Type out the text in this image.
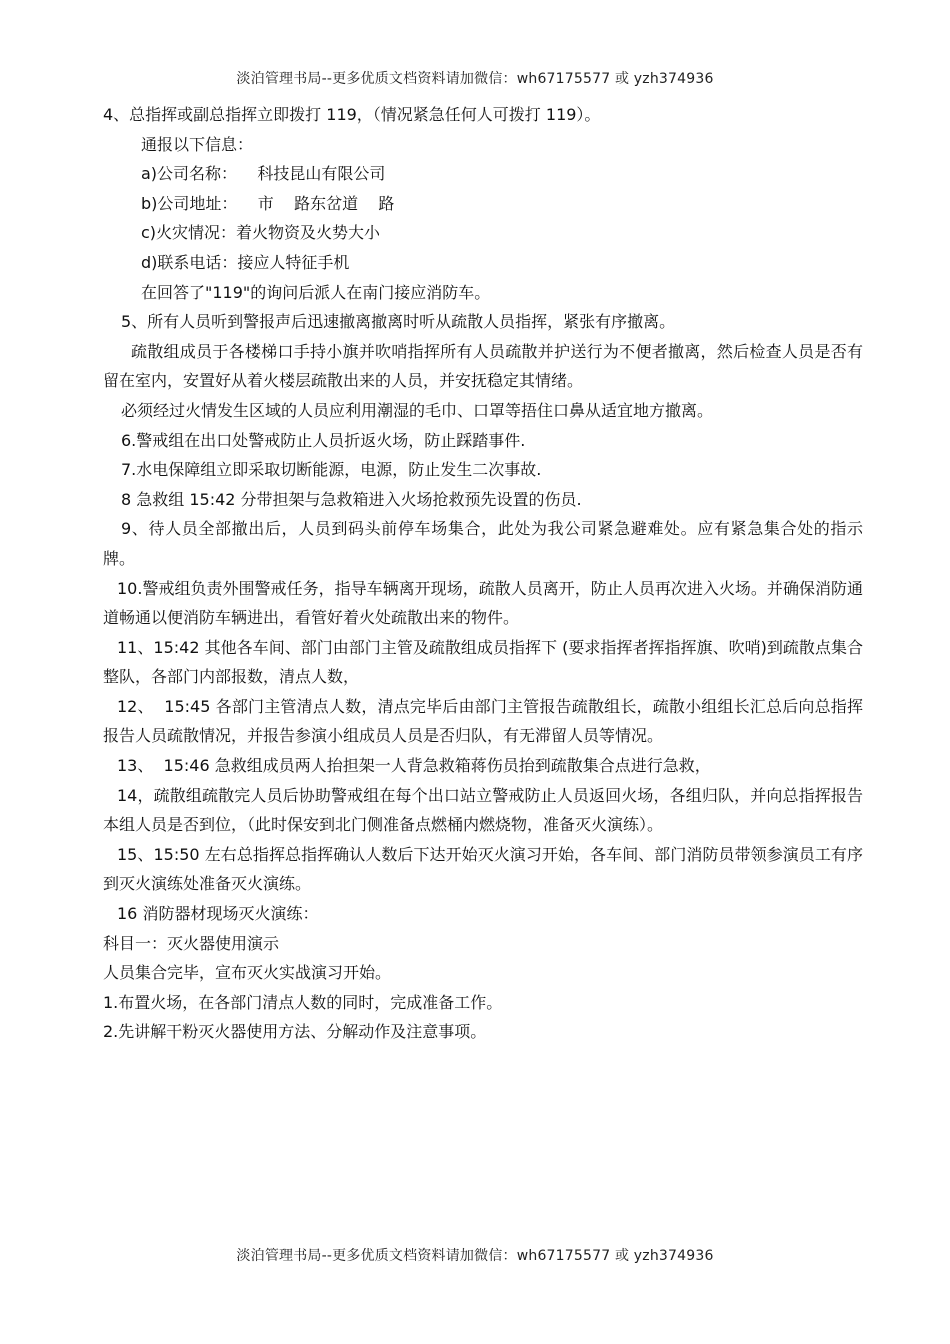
淡泊管理书局--更多优质文档资料请加微信：wh67175577 或 yzh374936

4、总指挥或副总指挥立即拨打 119，（情况紧急任何人可拨打 119）。

通报以下信息：

a)公司名称：    科技昆山有限公司

b)公司地址：    市    路东岔道    路

c)火灾情况：着火物资及火势大小

d)联系电话：接应人特征手机

在回答了"119"的询问后派人在南门接应消防车。

5、所有人员听到警报声后迅速撤离撤离时听从疏散人员指挥，紧张有序撤离。

疏散组成员于各楼梯口手持小旗并吹哨指挥所有人员疏散并护送行为不便者撤离，然后检查人员是否有留在室内，安置好从着火楼层疏散出来的人员，并安抚稳定其情绪。

必须经过火情发生区域的人员应利用潮湿的毛巾、口罩等捂住口鼻从适宜地方撤离。

6.警戒组在出口处警戒防止人员折返火场，防止踩踏事件.

7.水电保障组立即采取切断能源，电源，防止发生二次事故.

8 急救组 15:42 分带担架与急救箱进入火场抢救预先设置的伤员.

9、待人员全部撤出后，人员到码头前停车场集合，此处为我公司紧急避难处。应有紧急集合处的指示牌。

10.警戒组负责外围警戒任务，指导车辆离开现场，疏散人员离开，防止人员再次进入火场。并确保消防通道畅通以便消防车辆进出，看管好着火处疏散出来的物件。

11、15:42 其他各车间、部门由部门主管及疏散组成员指挥下 (要求指挥者挥指挥旗、吹哨)到疏散点集合整队，各部门内部报数，清点人数，

12、  15:45 各部门主管清点人数，清点完毕后由部门主管报告疏散组长，疏散小组组长汇总后向总指挥报告人员疏散情况，并报告参演小组成员人员是否归队，有无滞留人员等情况。

13、  15:46 急救组成员两人抬担架一人背急救箱蒋伤员抬到疏散集合点进行急救，

14，疏散组疏散完人员后协助警戒组在每个出口站立警戒防止人员返回火场，各组归队，并向总指挥报告本组人员是否到位，（此时保安到北门侧准备点燃桶内燃烧物，准备灭火演练）。

15、15:50 左右总指挥总指挥确认人数后下达开始灭火演习开始，各车间、部门消防员带领参演员工有序到灭火演练处准备灭火演练。

16 消防器材现场灭火演练：

科目一：灭火器使用演示

人员集合完毕，宣布灭火实战演习开始。

1.布置火场，在各部门清点人数的同时，完成准备工作。

2.先讲解干粉灭火器使用方法、分解动作及注意事项。

淡泊管理书局--更多优质文档资料请加微信：wh67175577 或 yzh374936
